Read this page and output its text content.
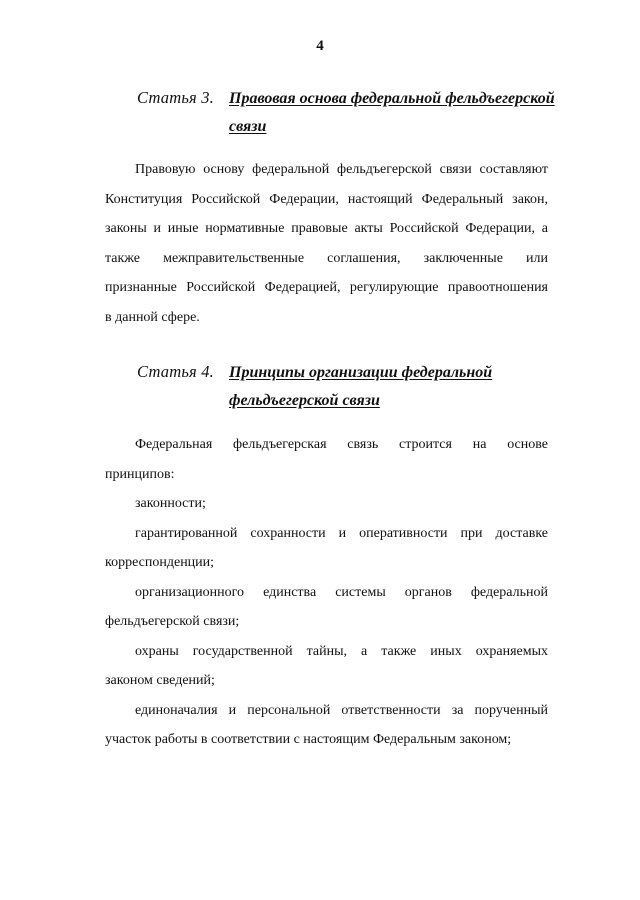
4
Статья 3. Правовая основа федеральной фельдъегерской
связи
Правовую основу федеральной фельдъегерской связи составляют
Конституция Российской Федерации, настоящий Федеральный закон,
законы и иные нормативные правовые акты Российской Федерации, а
также межправительственные соглашения, заключенные или
признанные Российской Федерацией, регулирующие правоотношения
в данной сфере.
Статья 4. Принципы организации федеральной
фельдъегерской связи
Федеральная фельдъегерская связь строится на основе
принципов:
законности;
гарантированной сохранности и оперативности при доставке
корреспонденции;
организационного единства системы органов федеральной
фельдъегерской связи;
охраны государственной тайны, а также иных охраняемых
законом сведений;
единоначалия и персональной ответственности за порученный
участок работы в соответствии с настоящим Федеральным законом;
